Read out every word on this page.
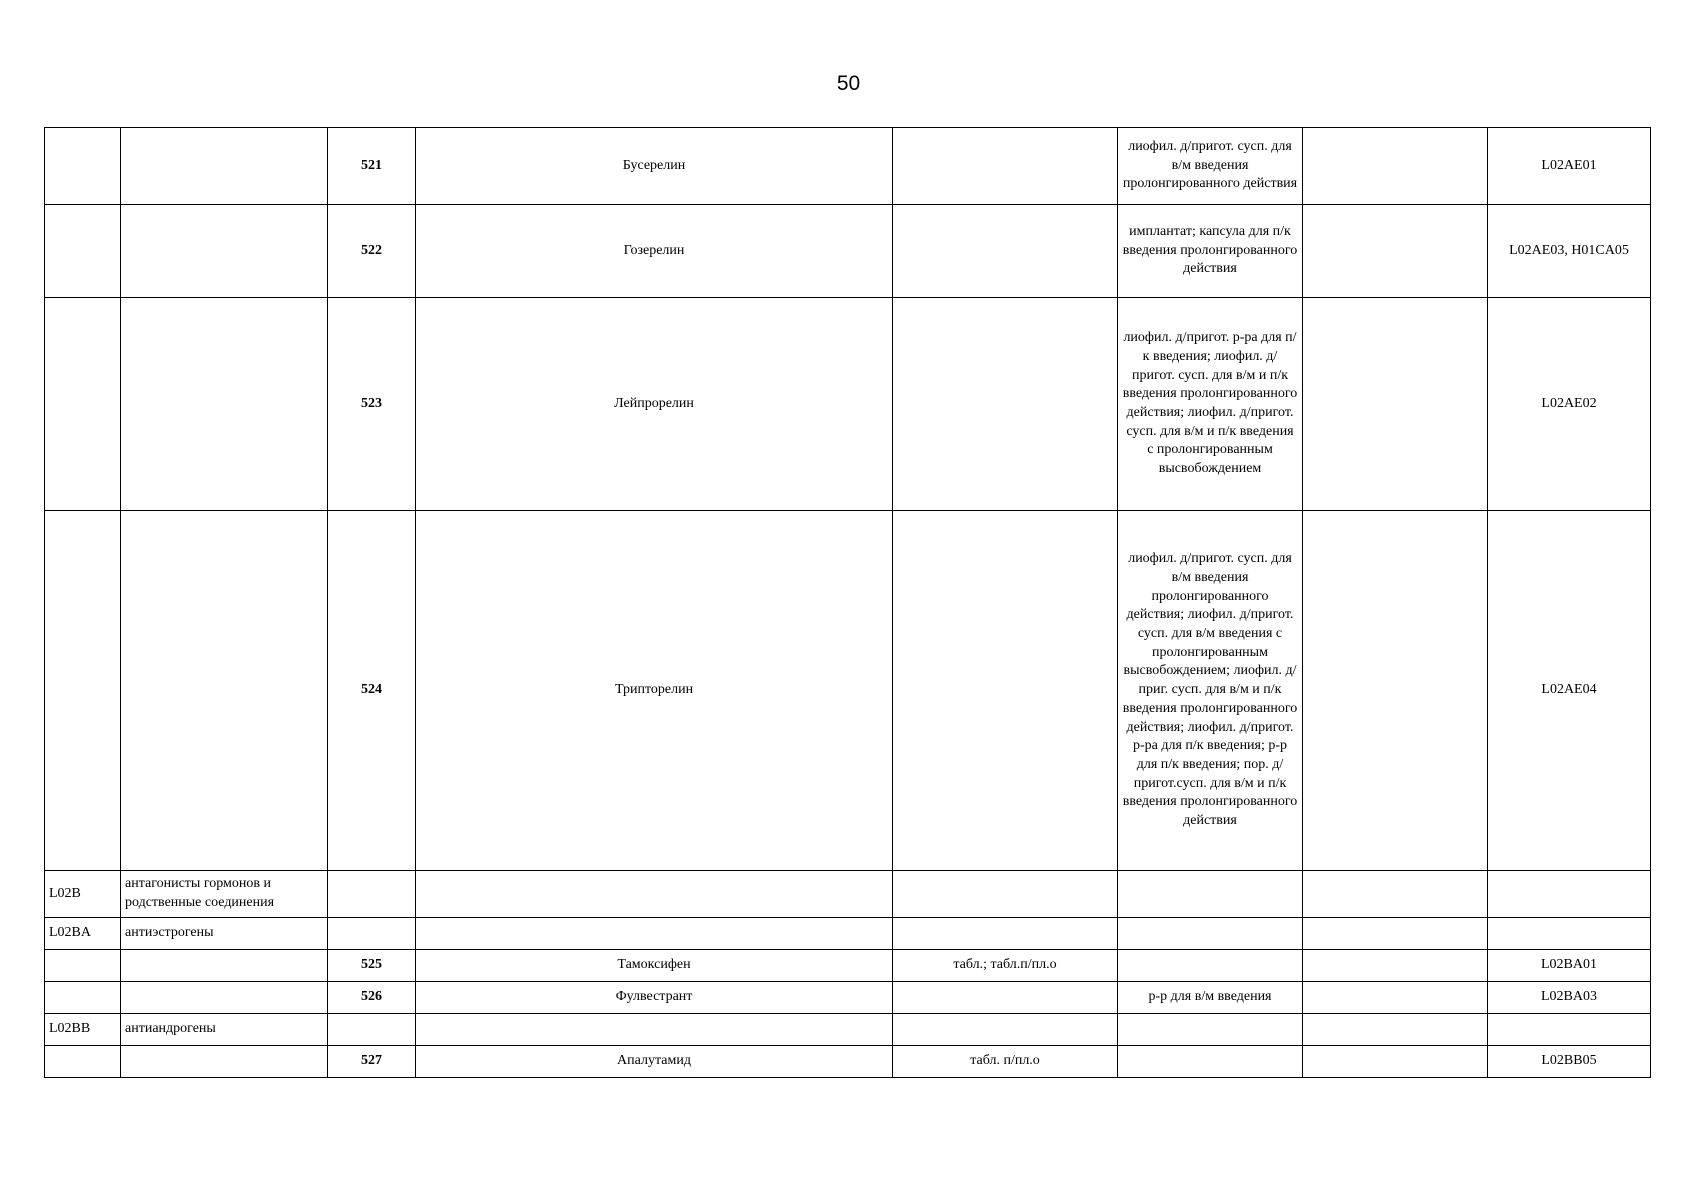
50
		521	Бусерелин		лиофил. д/пригот. сусп. для в/м введения пролонгированного действия		L02AE01
		522	Гозерелин		имплантат; капсула для п/к введения пролонгированного действия		L02AE03, H01CA05
		523	Лейпрорелин		лиофил. д/пригот. р-ра для п/к введения; лиофил. д/пригот. сусп. для в/м и п/к введения пролонгированного действия; лиофил. д/пригот. сусп. для в/м и п/к введения с пролонгированным высвобождением		L02AE02
		524	Трипторелин		лиофил. д/пригот. сусп. для в/м введения пролонгированного действия; лиофил. д/пригот. сусп. для в/м введения с пролонгированным высвобождением; лиофил. д/приг. сусп. для в/м и п/к введения пролонгированного действия; лиофил. д/пригот. р-ра для п/к введения; р-р для п/к введения; пор. д/пригот.сусп. для в/м и п/к введения пролонгированного действия		L02AE04
L02B	антагонисты гормонов и родственные соединения						
L02BA	антиэстрогены						
		525	Тамоксифен	табл.; табл.п/пл.о			L02BA01
		526	Фулвестрант		р-р для в/м введения		L02BA03
L02BB	антиандрогены						
		527	Апалутамид	табл. п/пл.о			L02BB05
